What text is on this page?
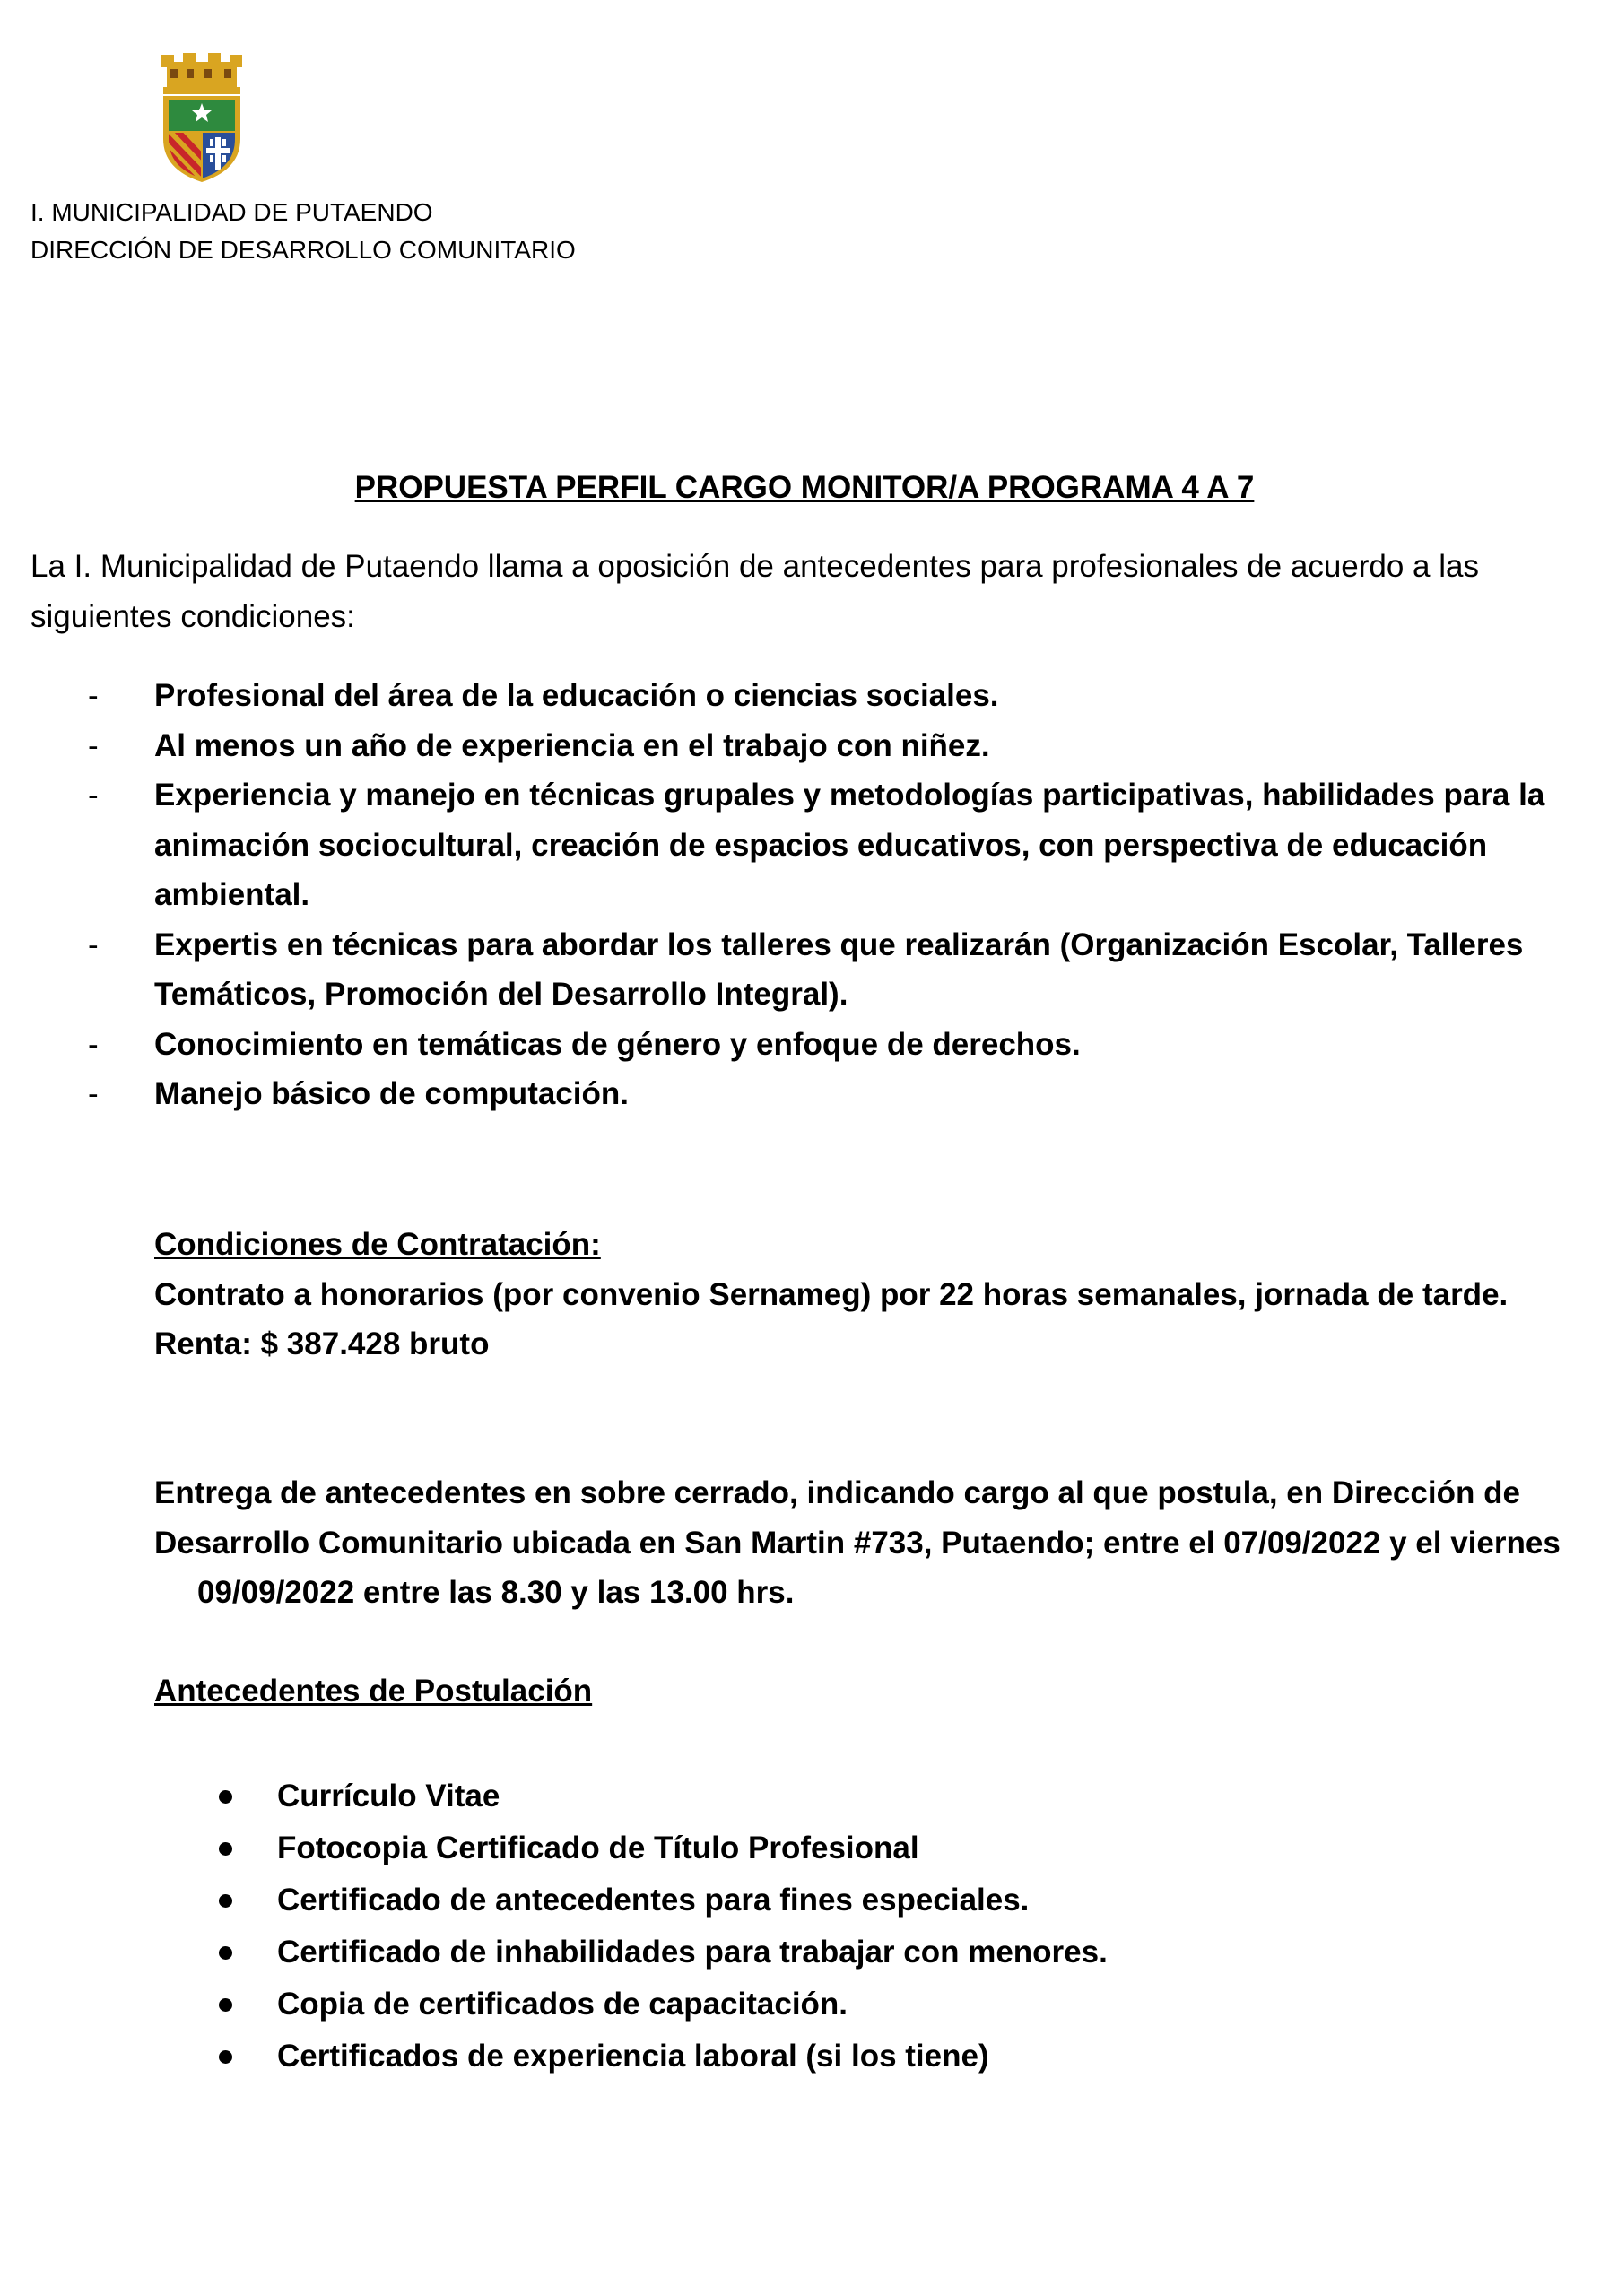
I. MUNICIPALIDAD DE PUTAENDO
DIRECCIÓN DE DESARROLLO COMUNITARIO
PROPUESTA PERFIL CARGO MONITOR/A PROGRAMA 4 A 7
La I. Municipalidad de Putaendo llama a oposición de antecedentes para profesionales de acuerdo a las siguientes condiciones:
- Profesional del área de la educación o ciencias sociales.
- Al menos un año de experiencia en el trabajo con niñez.
- Experiencia y manejo en técnicas grupales y metodologías participativas, habilidades para la animación sociocultural, creación de espacios educativos, con perspectiva de educación ambiental.
- Expertis en técnicas para abordar los talleres que realizarán (Organización Escolar, Talleres Temáticos, Promoción del Desarrollo Integral).
- Conocimiento en temáticas de género y enfoque de derechos.
- Manejo básico de computación.
Condiciones de Contratación:
Contrato a honorarios (por convenio Sernameg) por 22 horas semanales, jornada de tarde.
Renta: $ 387.428 bruto
Entrega de antecedentes en sobre cerrado, indicando cargo al que postula, en Dirección de Desarrollo Comunitario ubicada en San Martin #733, Putaendo; entre el 07/09/2022 y el viernes09/09/2022 entre las 8.30 y las 13.00 hrs.
Antecedentes de Postulación
Currículo Vitae
Fotocopia Certificado de Título Profesional
Certificado de antecedentes para fines especiales.
Certificado de inhabilidades para trabajar con menores.
Copia de certificados de capacitación.
Certificados de experiencia laboral (si los tiene)
